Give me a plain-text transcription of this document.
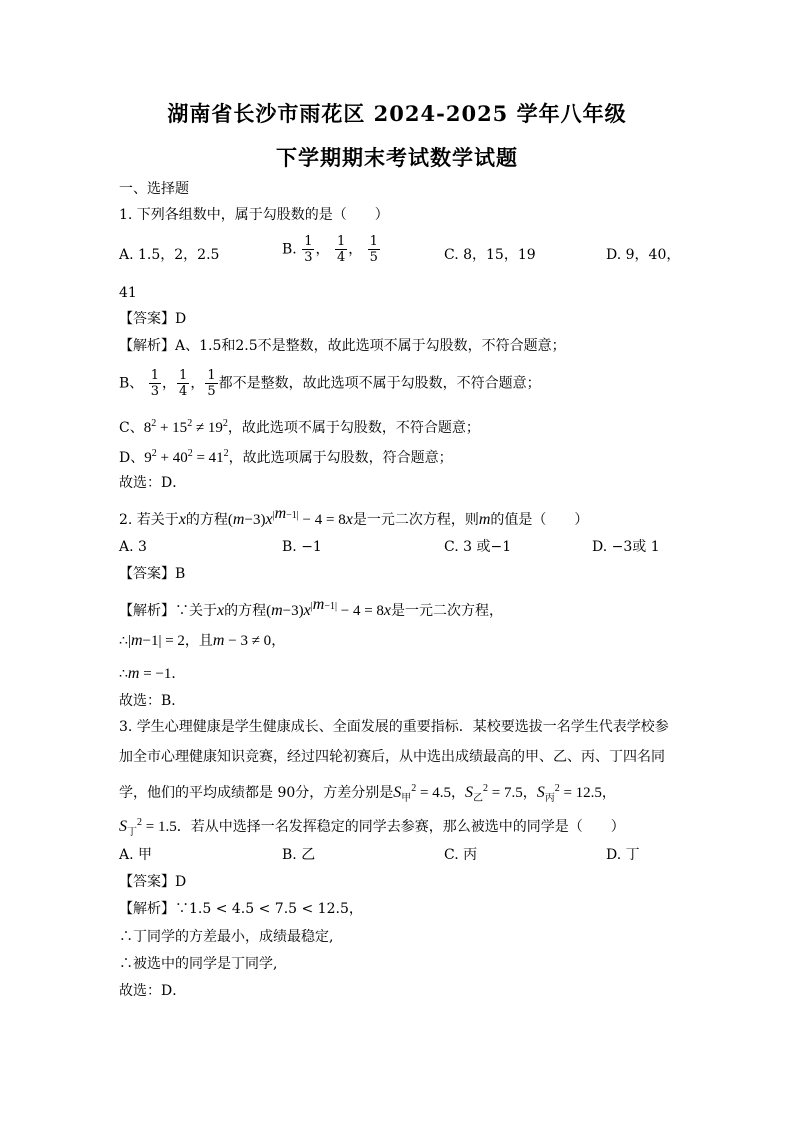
湖南省长沙市雨花区 2024-2025 学年八年级
下学期期末考试数学试题
一、选择题
1. 下列各组数中，属于勾股数的是（　　）
A. 1.5，2，2.5	B. $\frac{1}{3}$ ， $\frac{1}{4}$ ， $\frac{1}{5}$	C. 8，15，19	D. 9，40，
41
【答案】D
【解析】A、1.5和2.5不是整数，故此选项不属于勾股数，不符合题意；
B、 $\frac{1}{3}$ ， $\frac{1}{4}$ ， $\frac{1}{5}$ 都不是整数，故此选项不属于勾股数，不符合题意；
C、$8^2 + 15^2 \ne 19^2$，故此选项不属于勾股数，不符合题意；
D、$9^2 + 40^2 = 41^2$，故此选项属于勾股数，符合题意；
故选：D．
2. 若关于x的方程$(m-3)x^{|m-1|} - 4 = 8x$是一元二次方程，则m的值是（　　）
A. 3	B. −1	C. 3 或−1	D. −3或 1
【答案】B
【解析】∵关于x的方程$(m-3)x^{|m-1|} - 4 = 8x$是一元二次方程，
∴|m−1| = 2，且m − 3 ≠ 0，
∴m = −1．
故选：B．
3. 学生心理健康是学生健康成长、全面发展的重要指标．某校要选拔一名学生代表学校参
加全市心理健康知识竞赛，经过四轮初赛后，从中选出成绩最高的甲、乙、丙、丁四名同
学，他们的平均成绩都是 90分，方差分别是$S_甲^2 = 4.5$，$S_乙^2 = 7.5$，$S_丙^2 = 12.5$，
$S_丁^2 = 1.5$．若从中选择一名发挥稳定的同学去参赛，那么被选中的同学是（　　）
A. 甲	B. 乙	C. 丙	D. 丁
【答案】D
【解析】∵1.5 < 4.5 < 7.5 < 12.5，
∴丁同学的方差最小，成绩最稳定,
∴被选中的同学是丁同学,
故选：D．
